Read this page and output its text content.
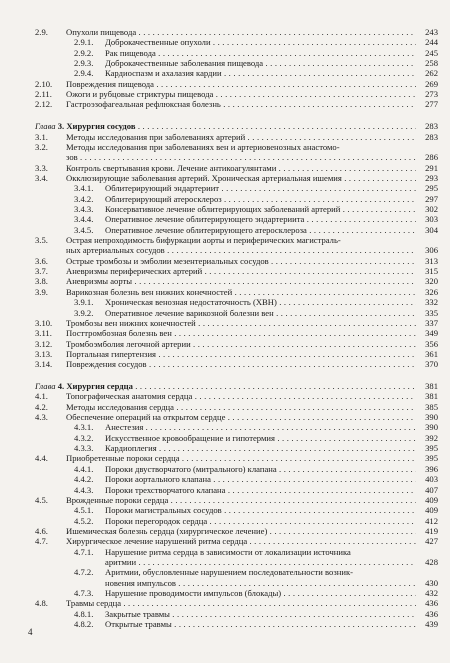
2.9. Опухоли пищевода . . .	243
2.9.1. Доброкачественные опухоли . . .	244
2.9.2. Рак пищевода . . .	245
2.9.3. Доброкачественные заболевания пищевода . . .	258
2.9.4. Кардиоспазм и ахалазия кардии . . .	262
2.10. Повреждения пищевода . . .	269
2.11. Ожоги и рубцовые стриктуры пищевода . . .	273
2.12. Гастроэзофагеальная рефлюксная болезнь . . .	277
Глава 3. Хирургия сосудов . . .	283
3.1. Методы исследования при заболеваниях артерий . . .	283
3.2. Методы исследования при заболеваниях вен и артериовенозных анастомо-
зов . . .	286
3.3. Контроль свертывания крови. Лечение антикоагулянтами . . .	291
3.4. Окклюзирующие заболевания артерий. Хроническая артериальная ишемия . . .	293
3.4.1. Облитерирующий эндартериит . . .	295
3.4.2. Облитерирующий атеросклероз . . .	297
3.4.3. Консервативное лечение облитерирующих заболеваний артерий . . .	302
3.4.4. Оперативное лечение облитерирующего эндартериита . . .	303
3.4.5. Оперативное лечение облитерирующего атеросклероза . . .	304
3.5. Острая непроходимость бифуркации аорты и периферических магистраль-
ных артериальных сосудов . . .	306
3.6. Острые тромбозы и эмболии мезентериальных сосудов . . .	313
3.7. Аневризмы периферических артерий . . .	315
3.8. Аневризмы аорты . . .	320
3.9. Варикозная болезнь вен нижних конечностей . . .	326
3.9.1. Хроническая венозная недостаточность (ХВН) . . .	332
3.9.2. Оперативное лечение варикозной болезни вен . . .	335
3.10. Тромбозы вен нижних конечностей . . .	337
3.11. Посттромбозная болезнь вен . . .	349
3.12. Тромбоэмболия легочной артерии . . .	356
3.13. Портальная гипертензия . . .	361
3.14. Повреждения сосудов . . .	370
Глава 4. Хирургия сердца . . .	381
4.1. Топографическая анатомия сердца . . .	381
4.2. Методы исследования сердца . . .	385
4.3. Обеспечение операций на открытом сердце . . .	390
4.3.1. Анестезия . . .	390
4.3.2. Искусственное кровообращение и гипотермия . . .	392
4.3.3. Кардиоплегия . . .	395
4.4. Приобретенные пороки сердца . . .	395
4.4.1. Пороки двустворчатого (митрального) клапана . . .	396
4.4.2. Пороки аортального клапана . . .	403
4.4.3. Пороки трехстворчатого клапана . . .	407
4.5. Врожденные пороки сердца . . .	409
4.5.1. Пороки магистральных сосудов . . .	409
4.5.2. Пороки перегородок сердца . . .	412
4.6. Ишемическая болезнь сердца (хирургическое лечение) . . .	419
4.7. Хирургическое лечение нарушений ритма сердца . . .	427
4.7.1. Нарушение ритма сердца в зависимости от локализации источника
аритмии . . .	428
4.7.2. Аритмии, обусловленные нарушением последовательности возник-
новения импульсов . . .	430
4.7.3. Нарушение проводимости импульсов (блокады) . . .	432
4.8. Травмы сердца . . .	436
4.8.1. Закрытые травмы . . .	436
4.8.2. Открытые травмы . . .	439
4
